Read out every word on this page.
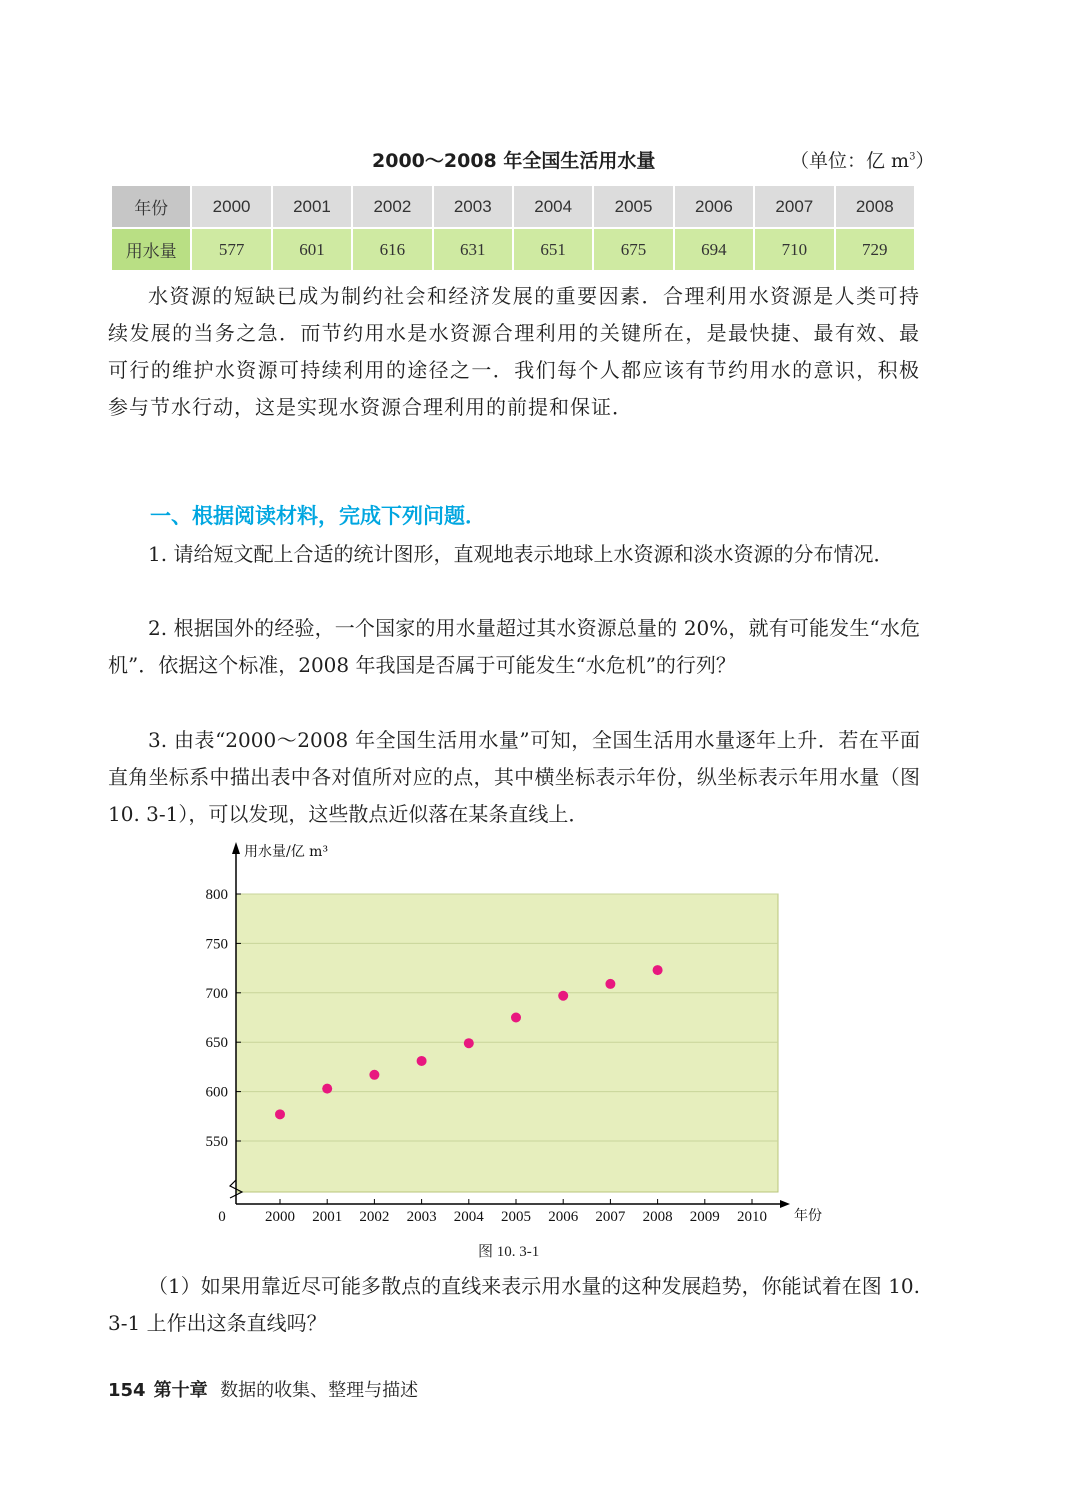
2000～2008 年全国生活用水量	（单位：亿 $m^3$）
年份	2000	2001	2002	2003	2004	2005	2006	2007	2008
用水量	577	601	616	631	651	675	694	710	729

水资源的短缺已成为制约社会和经济发展的重要因素．合理利用水资源是人类可持续发展的当务之急．而节约用水是水资源合理利用的关键所在，是最快捷、最有效、最可行的维护水资源可持续利用的途径之一．我们每个人都应该有节约用水的意识，积极参与节水行动，这是实现水资源合理利用的前提和保证．

一、根据阅读材料，完成下列问题．

1. 请给短文配上合适的统计图形，直观地表示地球上水资源和淡水资源的分布情况．

2. 根据国外的经验，一个国家的用水量超过其水资源总量的 20%，就有可能发生“水危机”．依据这个标准，2008 年我国是否属于可能发生“水危机”的行列？

3. 由表“2000～2008 年全国生活用水量”可知，全国生活用水量逐年上升．若在平面直角坐标系中描出表中各对值所对应的点，其中横坐标表示年份，纵坐标表示年用水量（图 10. 3-1），可以发现，这些散点近似落在某条直线上．

550
600
650
700
750
800
2000 2001 2002 2003 2004 2005 2006 2007 2008 2009 2010
0
用水量/亿 m³
年份
图 10. 3-1

（1）如果用靠近尽可能多散点的直线来表示用水量的这种发展趋势，你能试着在图 10. 3-1 上作出这条直线吗？

154 第十章 数据的收集、整理与描述
